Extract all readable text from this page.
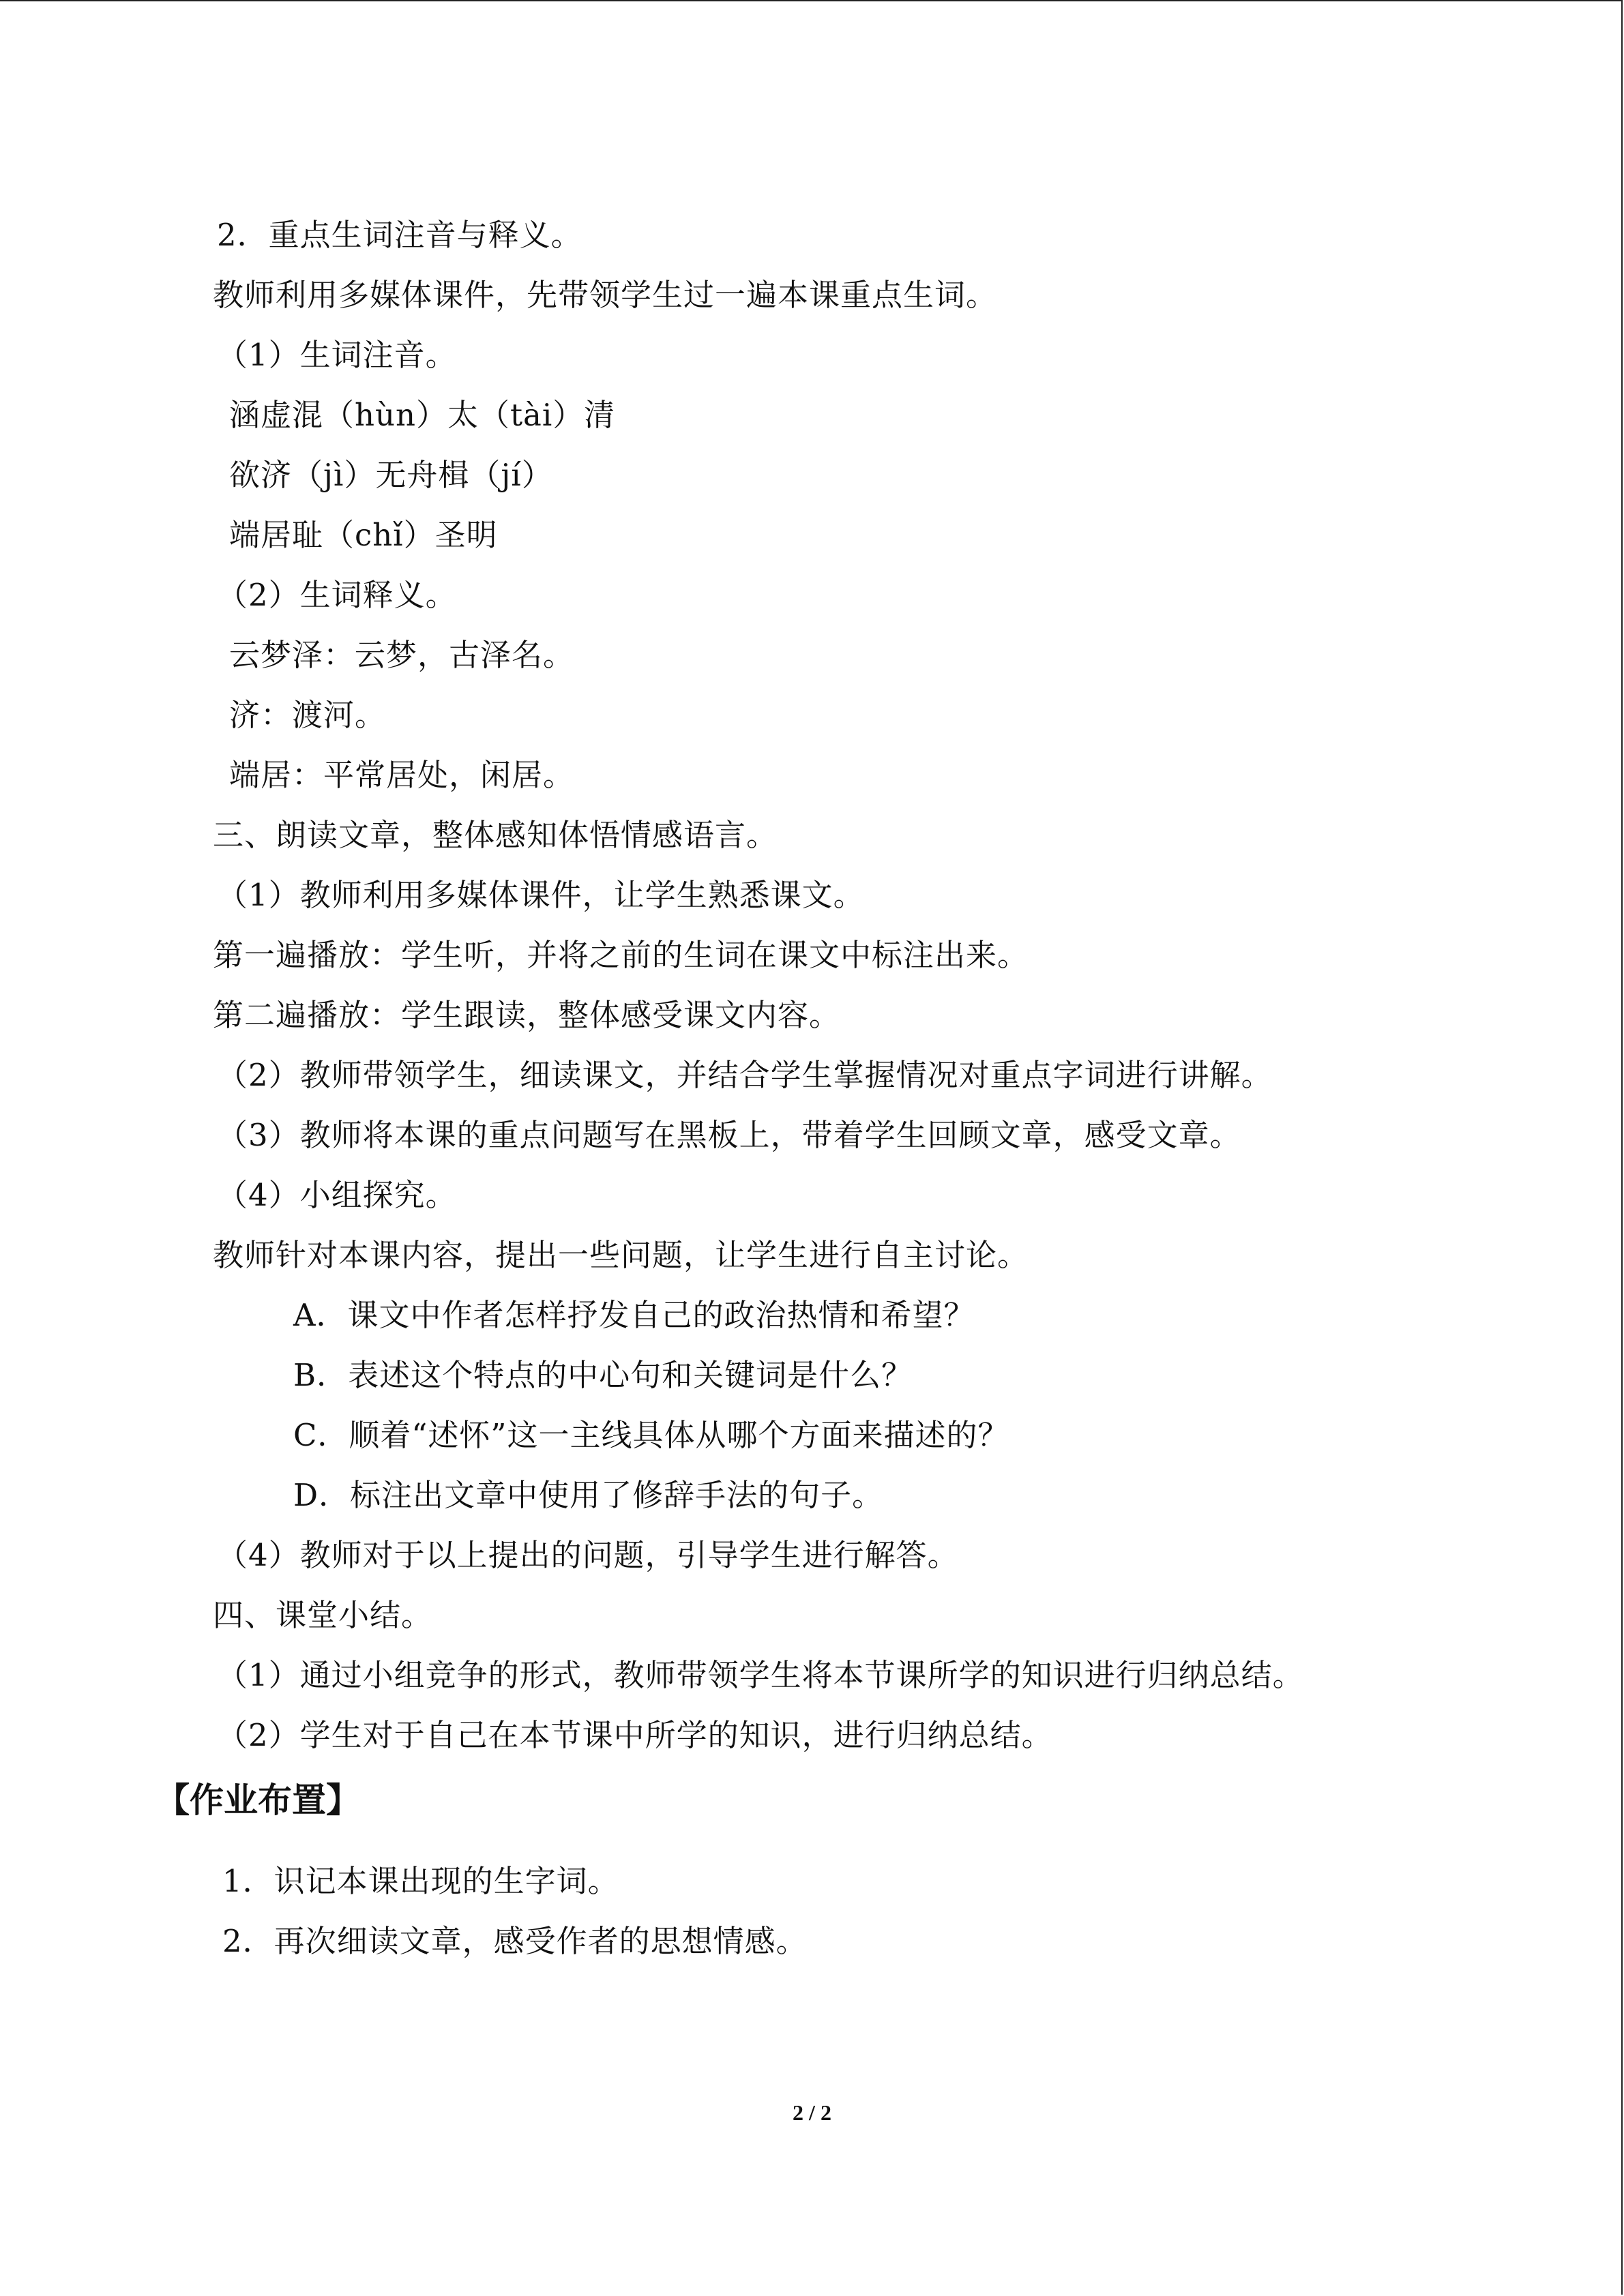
2．重点生词注音与释义。
教师利用多媒体课件，先带领学生过一遍本课重点生词。
（1）生词注音。
涵虚混（hùn）太（tài）清
欲济（jì）无舟楫（jí）
端居耻（chǐ）圣明
（2）生词释义。
云梦泽：云梦，古泽名。
济：渡河。
端居：平常居处，闲居。
三、朗读文章，整体感知体悟情感语言。
（1）教师利用多媒体课件，让学生熟悉课文。
第一遍播放：学生听，并将之前的生词在课文中标注出来。
第二遍播放：学生跟读，整体感受课文内容。
（2）教师带领学生，细读课文，并结合学生掌握情况对重点字词进行讲解。
（3）教师将本课的重点问题写在黑板上，带着学生回顾文章，感受文章。
（4）小组探究。
教师针对本课内容，提出一些问题，让学生进行自主讨论。
A．课文中作者怎样抒发自己的政治热情和希望？
B．表述这个特点的中心句和关键词是什么？
C．顺着“述怀”这一主线具体从哪个方面来描述的？
D．标注出文章中使用了修辞手法的句子。
（4）教师对于以上提出的问题，引导学生进行解答。
四、课堂小结。
（1）通过小组竞争的形式，教师带领学生将本节课所学的知识进行归纳总结。
（2）学生对于自己在本节课中所学的知识，进行归纳总结。
【作业布置】
1．识记本课出现的生字词。
2．再次细读文章，感受作者的思想情感。
2 / 2
